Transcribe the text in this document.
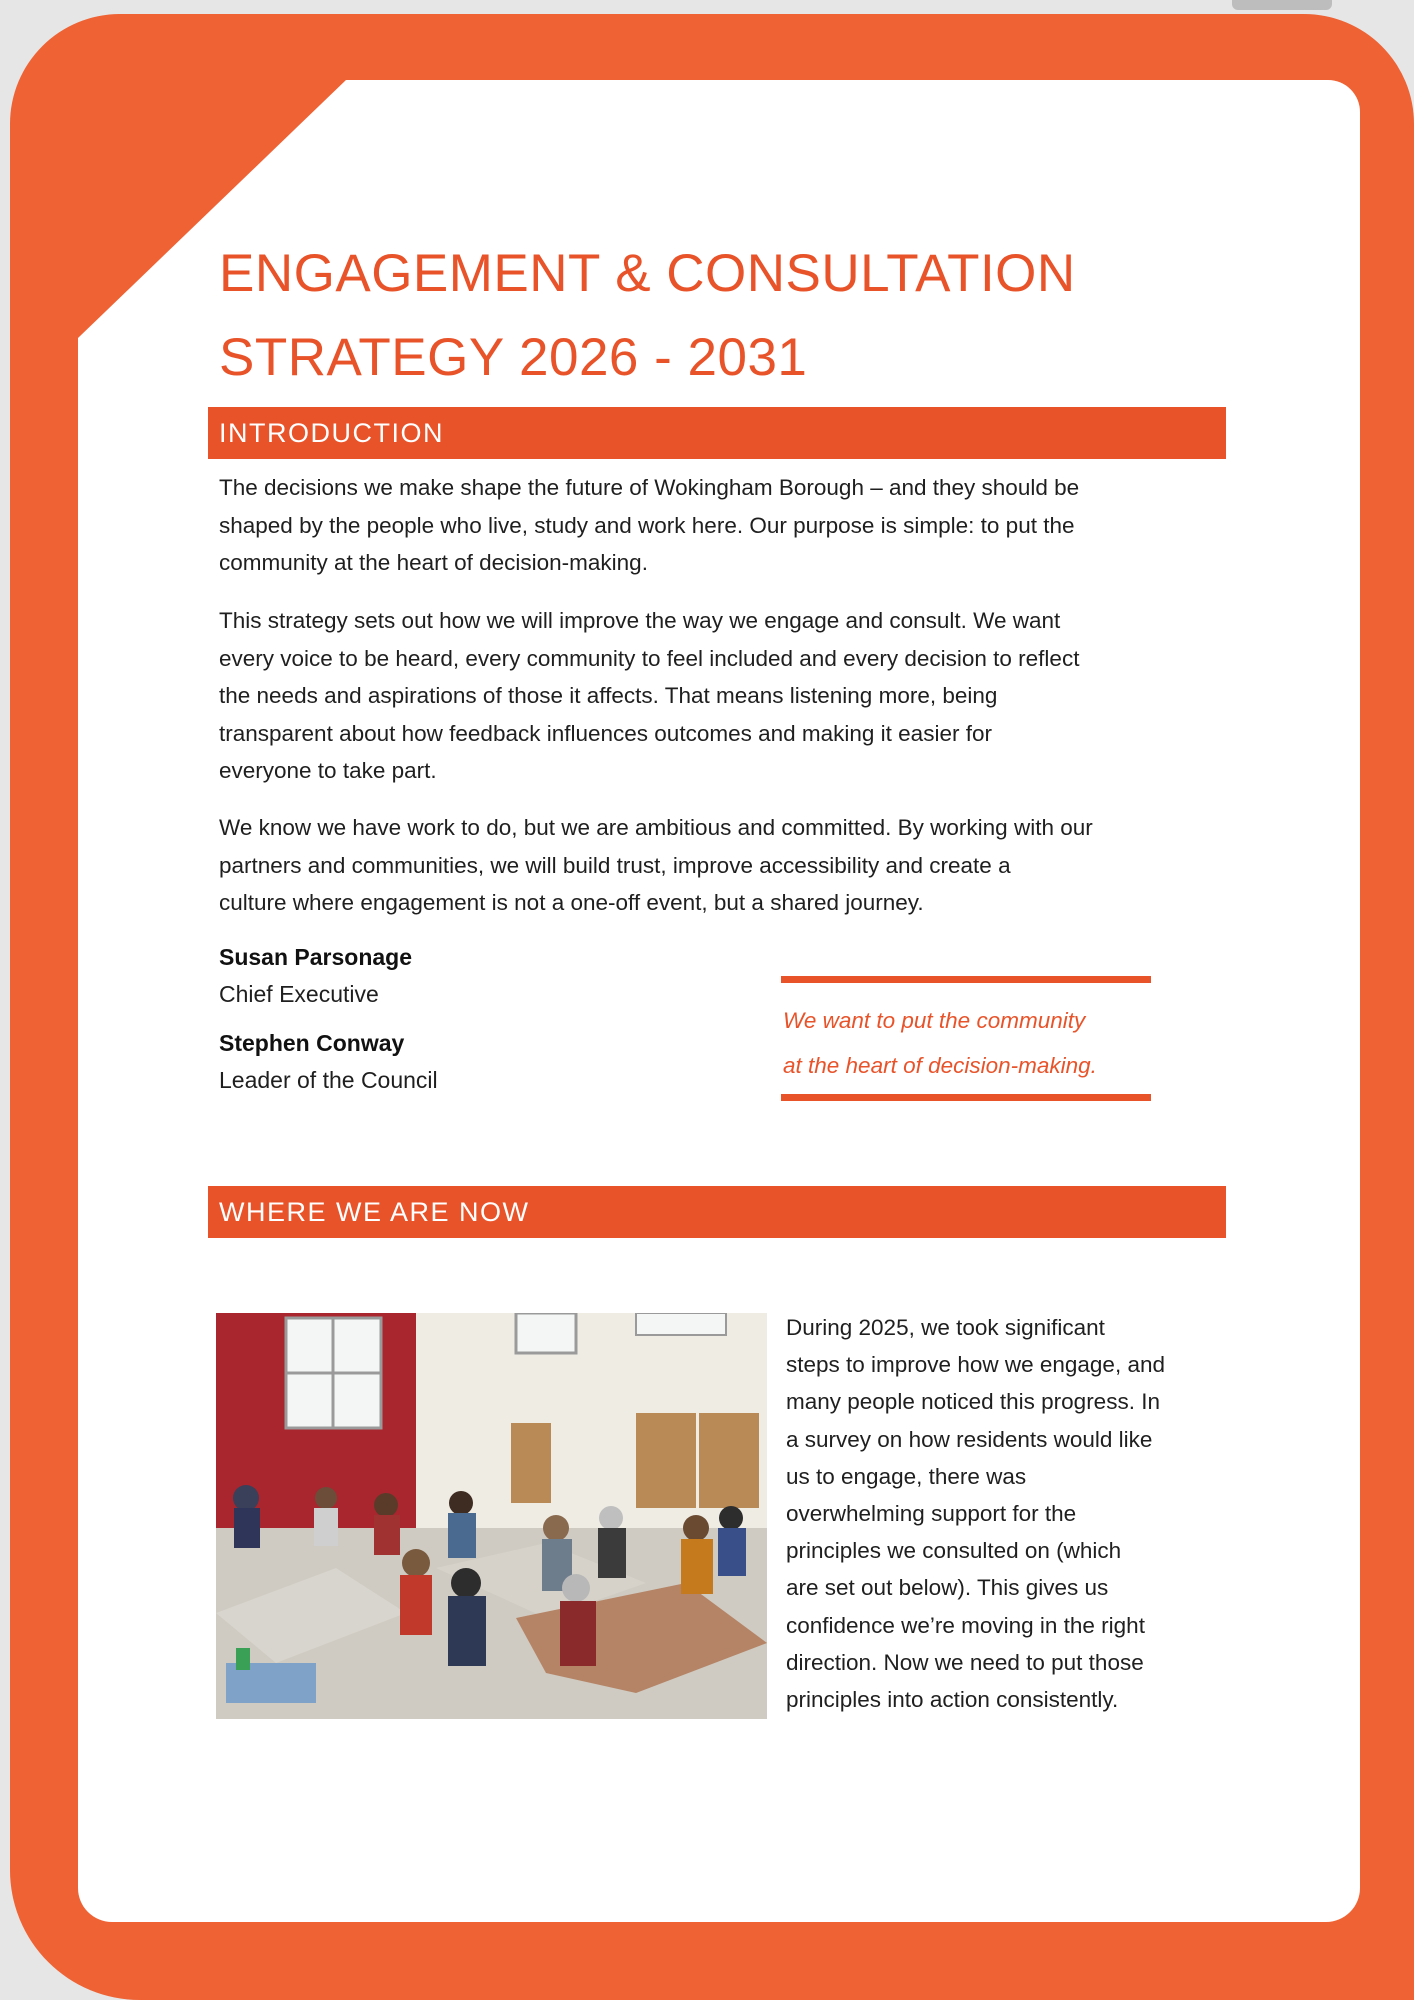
ENGAGEMENT & CONSULTATION
STRATEGY 2026 - 2031
INTRODUCTION
The decisions we make shape the future of Wokingham Borough – and they should be
shaped by the people who live, study and work here. Our purpose is simple: to put the
community at the heart of decision-making.
This strategy sets out how we will improve the way we engage and consult. We want
every voice to be heard, every community to feel included and every decision to reflect
the needs and aspirations of those it affects. That means listening more, being
transparent about how feedback influences outcomes and making it easier for
everyone to take part.
We know we have work to do, but we are ambitious and committed. By working with our
partners and communities, we will build trust, improve accessibility and create a
culture where engagement is not a one-off event, but a shared journey.
Susan Parsonage
Chief Executive
Stephen Conway
Leader of the Council
We want to put the community
at the heart of decision-making.
WHERE WE ARE NOW
During 2025, we took significant
steps to improve how we engage, and
many people noticed this progress. In
a survey on how residents would like
us to engage, there was
overwhelming support for the
principles we consulted on (which
are set out below). This gives us
confidence we’re moving in the right
direction. Now we need to put those
principles into action consistently.
